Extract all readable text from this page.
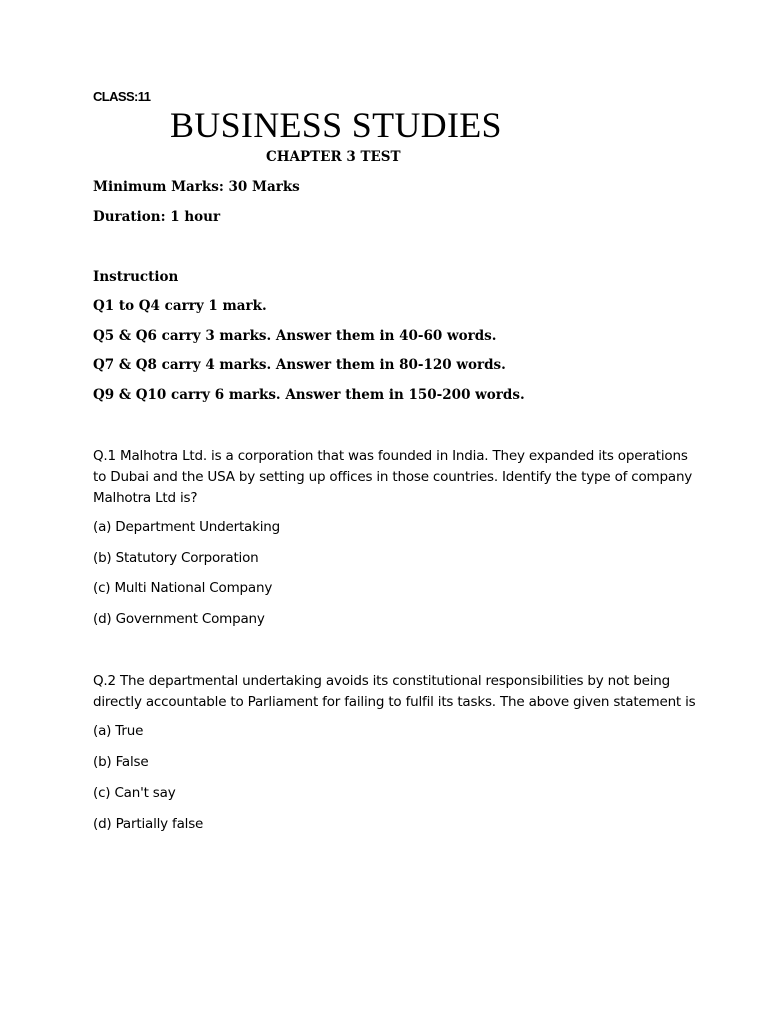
CLASS:11
BUSINESS STUDIES
CHAPTER 3 TEST
Minimum Marks: 30 Marks
Duration: 1 hour
Instruction
Q1 to Q4 carry 1 mark.
Q5 & Q6 carry 3 marks. Answer them in 40-60 words.
Q7 & Q8 carry 4 marks. Answer them in 80-120 words.
Q9 & Q10 carry 6 marks. Answer them in 150-200 words.
Q.1 Malhotra Ltd. is a corporation that was founded in India. They expanded its operations to Dubai and the USA by setting up offices in those countries. Identify the type of company Malhotra Ltd is?
(a) Department Undertaking
(b) Statutory Corporation
(c) Multi National Company
(d) Government Company
Q.2 The departmental undertaking avoids its constitutional responsibilities by not being directly accountable to Parliament for failing to fulfil its tasks. The above given statement is
(a) True
(b) False
(c) Can't say
(d) Partially false
